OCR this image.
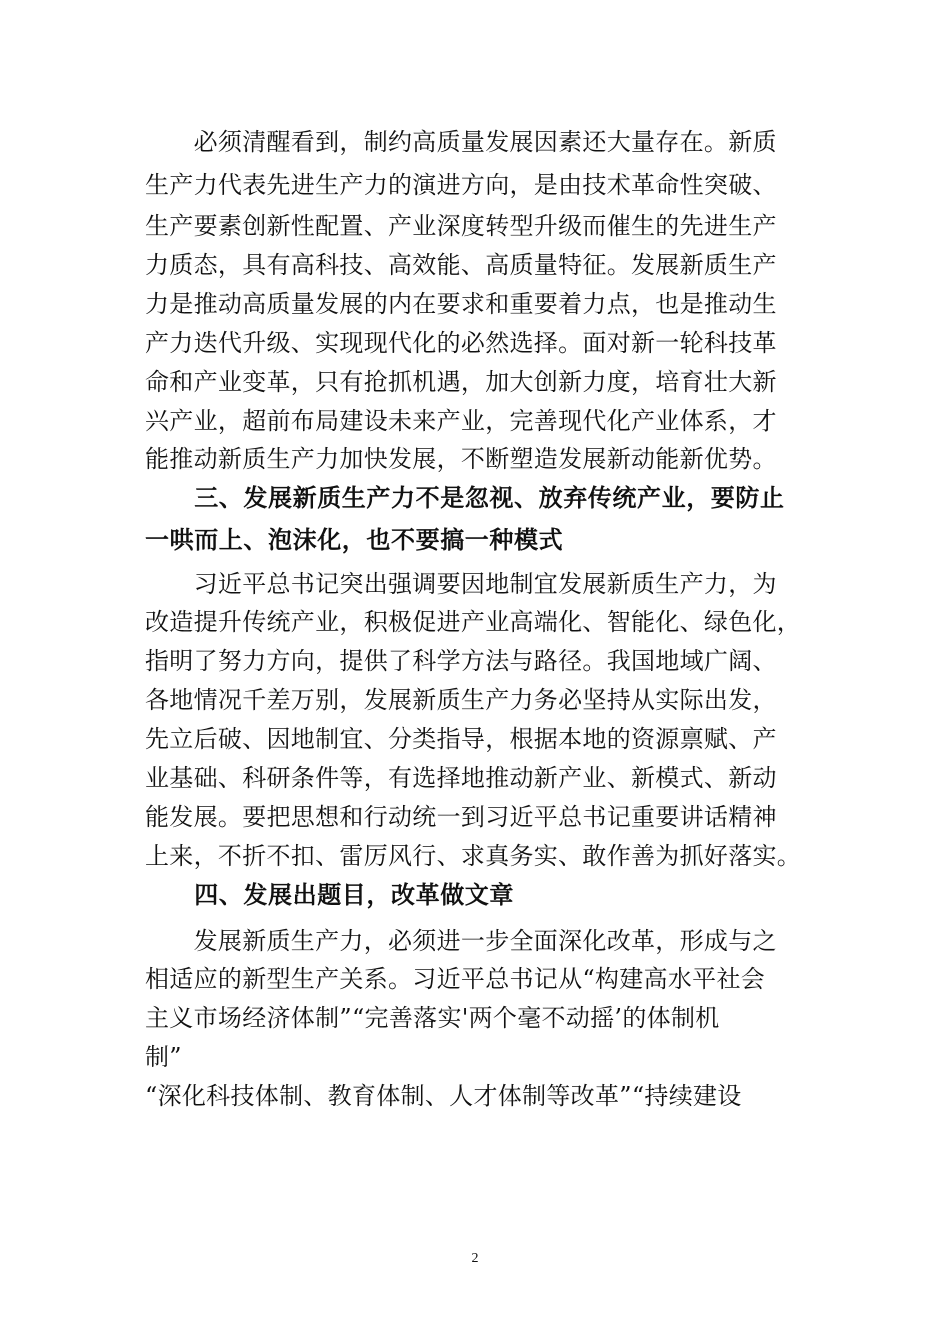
　　必须清醒看到，制约高质量发展因素还大量存在。新质
生产力代表先进生产力的演进方向，是由技术革命性突破、
生产要素创新性配置、产业深度转型升级而催生的先进生产
力质态，具有高科技、高效能、高质量特征。发展新质生产
力是推动高质量发展的内在要求和重要着力点，也是推动生
产力迭代升级、实现现代化的必然选择。面对新一轮科技革
命和产业变革，只有抢抓机遇，加大创新力度，培育壮大新
兴产业，超前布局建设未来产业，完善现代化产业体系，才
能推动新质生产力加快发展，不断塑造发展新动能新优势。
　　三、发展新质生产力不是忽视、放弃传统产业，要防止
一哄而上、泡沫化，也不要搞一种模式
　　习近平总书记突出强调要因地制宜发展新质生产力，为
改造提升传统产业，积极促进产业高端化、智能化、绿色化，
指明了努力方向，提供了科学方法与路径。我国地域广阔、
各地情况千差万别，发展新质生产力务必坚持从实际出发，
先立后破、因地制宜、分类指导，根据本地的资源禀赋、产
业基础、科研条件等，有选择地推动新产业、新模式、新动
能发展。要把思想和行动统一到习近平总书记重要讲话精神
上来，不折不扣、雷厉风行、求真务实、敢作善为抓好落实。
　　四、发展出题目，改革做文章
　　发展新质生产力，必须进一步全面深化改革，形成与之
相适应的新型生产关系。习近平总书记从“构建高水平社会
主义市场经济体制”“完善落实'两个毫不动摇’的体制机
制”
“深化科技体制、教育体制、人才体制等改革”“持续建设
2
